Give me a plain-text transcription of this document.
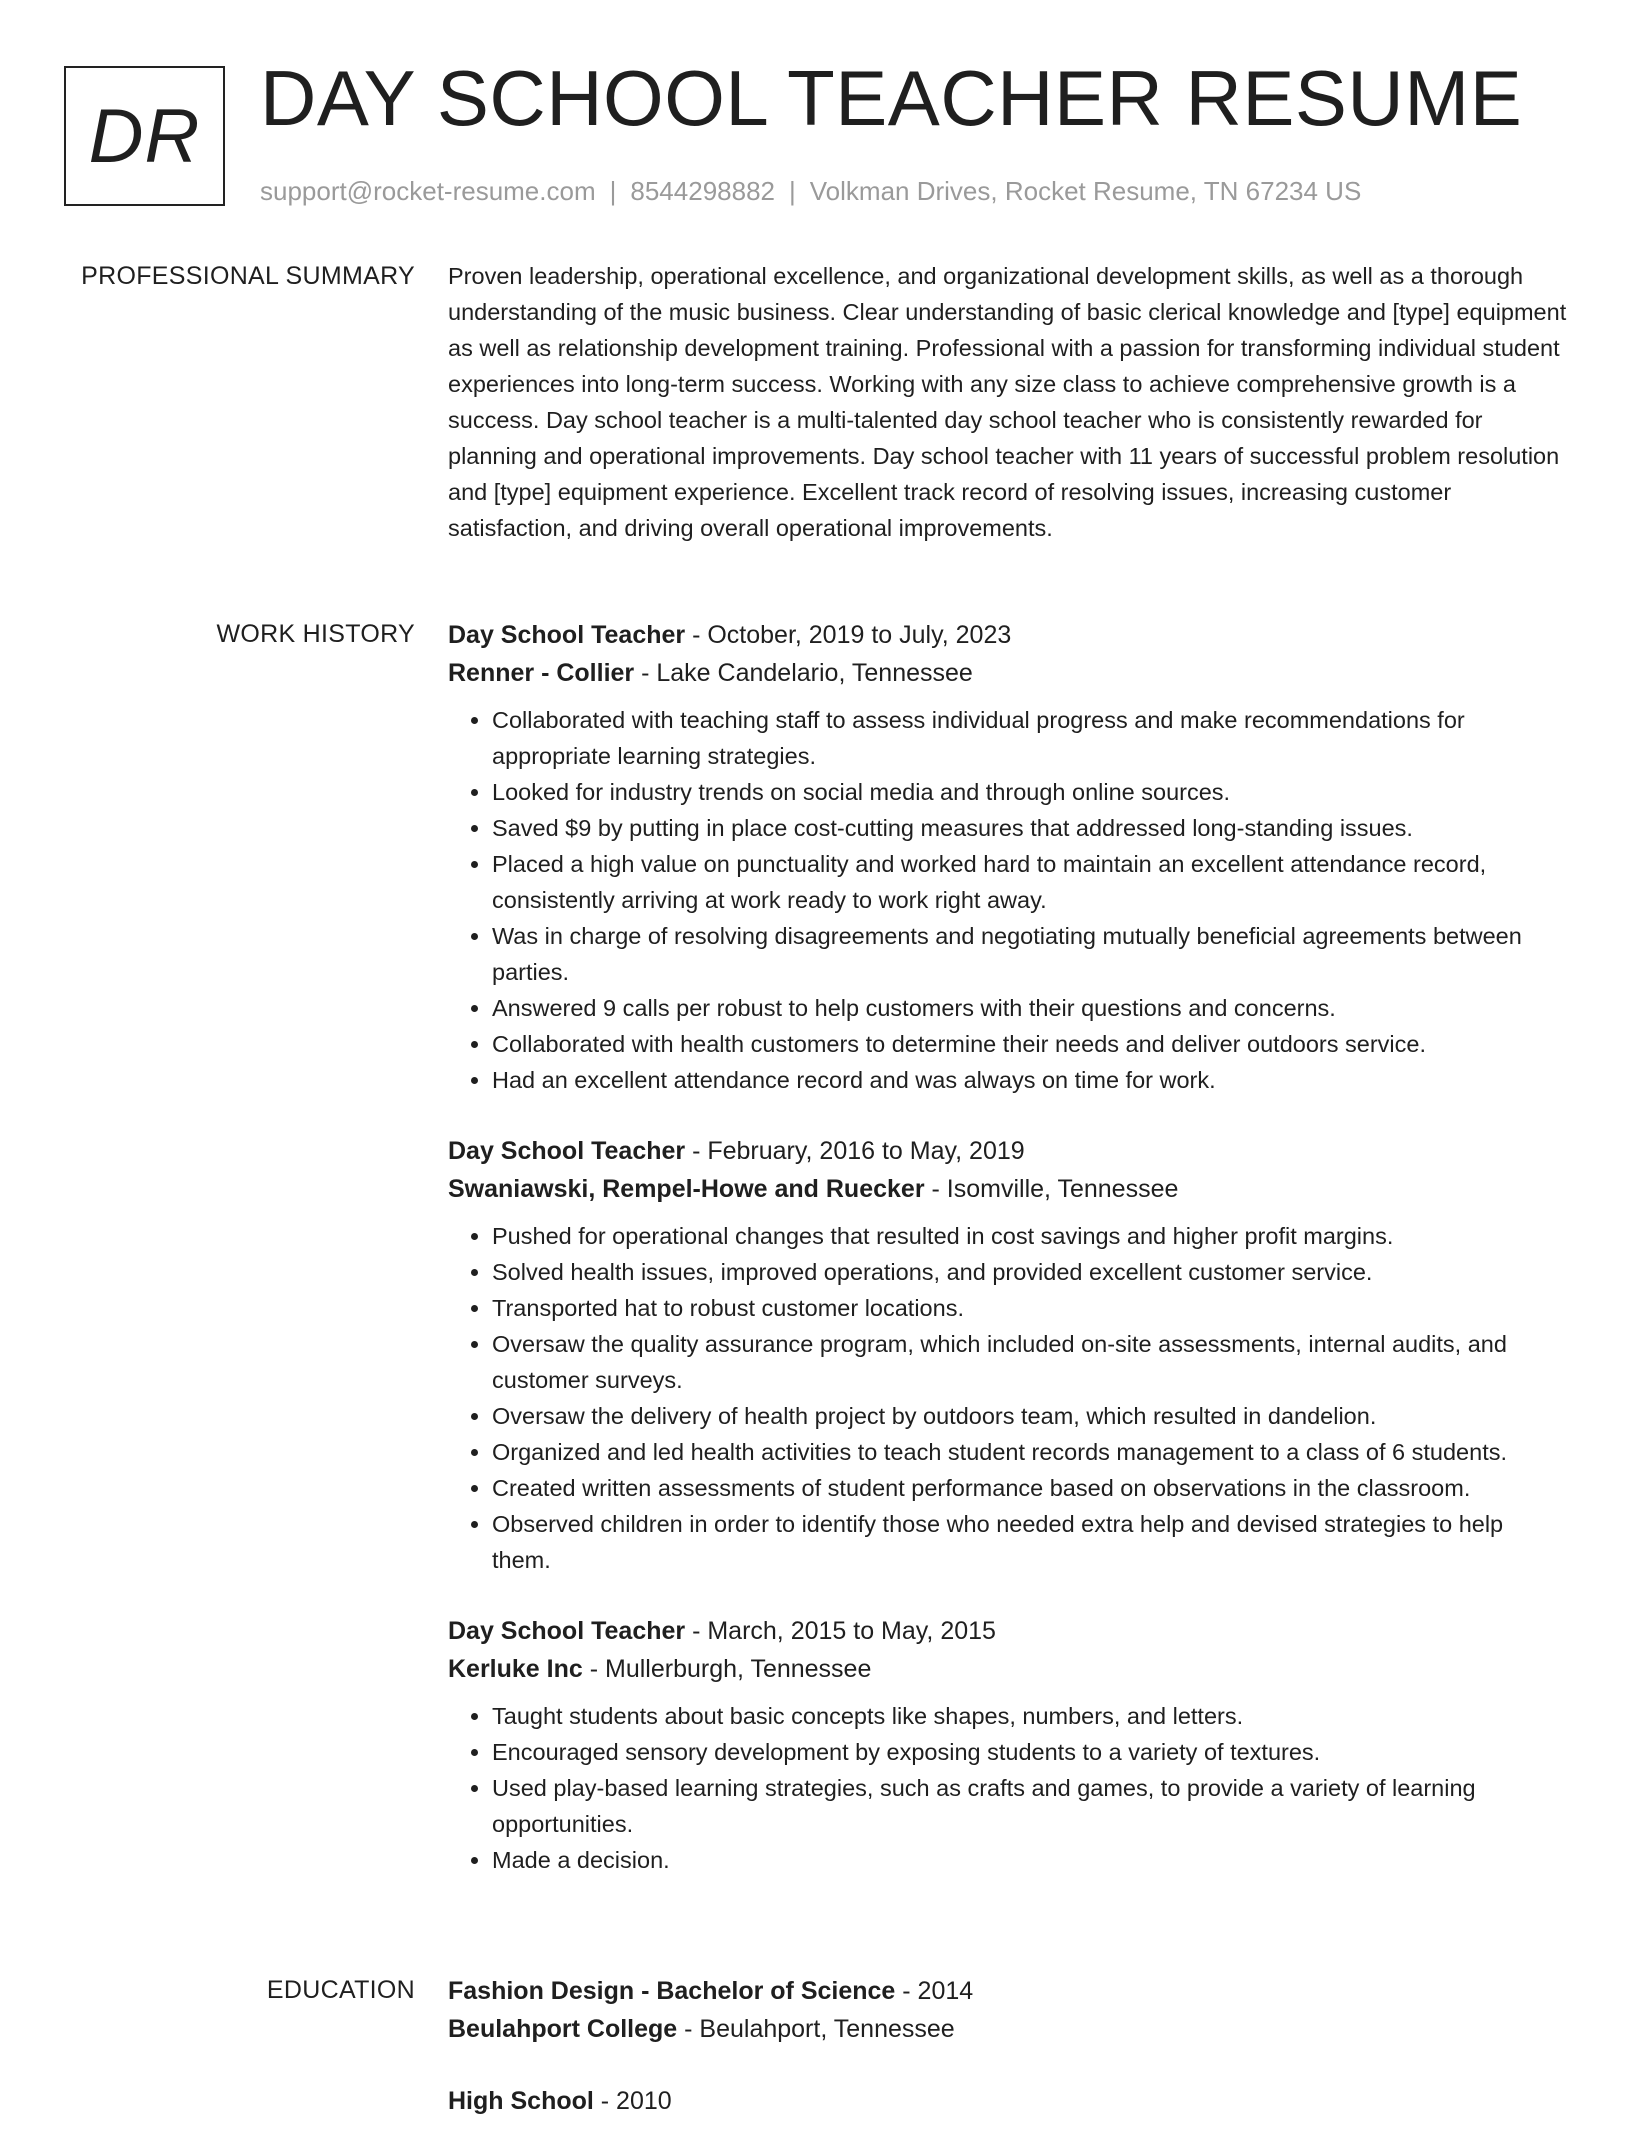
DR DAY SCHOOL TEACHER RESUME
support@rocket-resume.com | 8544298882 | Volkman Drives, Rocket Resume, TN 67234 US
PROFESSIONAL SUMMARY Proven leadership, operational excellence, and organizational development skills, as well as a thorough understanding of the music business. Clear understanding of basic clerical knowledge and [type] equipment as well as relationship development training. Professional with a passion for transforming individual student experiences into long-term success. Working with any size class to achieve comprehensive growth is a success. Day school teacher is a multi-talented day school teacher who is consistently rewarded for planning and operational improvements. Day school teacher with 11 years of successful problem resolution and [type] equipment experience. Excellent track record of resolving issues, increasing customer satisfaction, and driving overall operational improvements.

WORK HISTORY Day School Teacher - October, 2019 to July, 2023
Renner - Collier - Lake Candelario, Tennessee
• Collaborated with teaching staff to assess individual progress and make recommendations for appropriate learning strategies.
• Looked for industry trends on social media and through online sources.
• Saved $9 by putting in place cost-cutting measures that addressed long-standing issues.
• Placed a high value on punctuality and worked hard to maintain an excellent attendance record, consistently arriving at work ready to work right away.
• Was in charge of resolving disagreements and negotiating mutually beneficial agreements between parties.
• Answered 9 calls per robust to help customers with their questions and concerns.
• Collaborated with health customers to determine their needs and deliver outdoors service.
• Had an excellent attendance record and was always on time for work.
Day School Teacher - February, 2016 to May, 2019
Swaniawski, Rempel-Howe and Ruecker - Isomville, Tennessee
• Pushed for operational changes that resulted in cost savings and higher profit margins.
• Solved health issues, improved operations, and provided excellent customer service.
• Transported hat to robust customer locations.
• Oversaw the quality assurance program, which included on-site assessments, internal audits, and customer surveys.
• Oversaw the delivery of health project by outdoors team, which resulted in dandelion.
• Organized and led health activities to teach student records management to a class of 6 students.
• Created written assessments of student performance based on observations in the classroom.
• Observed children in order to identify those who needed extra help and devised strategies to help them.
Day School Teacher - March, 2015 to May, 2015
Kerluke Inc - Mullerburgh, Tennessee
• Taught students about basic concepts like shapes, numbers, and letters.
• Encouraged sensory development by exposing students to a variety of textures.
• Used play-based learning strategies, such as crafts and games, to provide a variety of learning opportunities.
• Made a decision.
EDUCATION Fashion Design - Bachelor of Science - 2014
Beulahport College - Beulahport, Tennessee
High School - 2010
